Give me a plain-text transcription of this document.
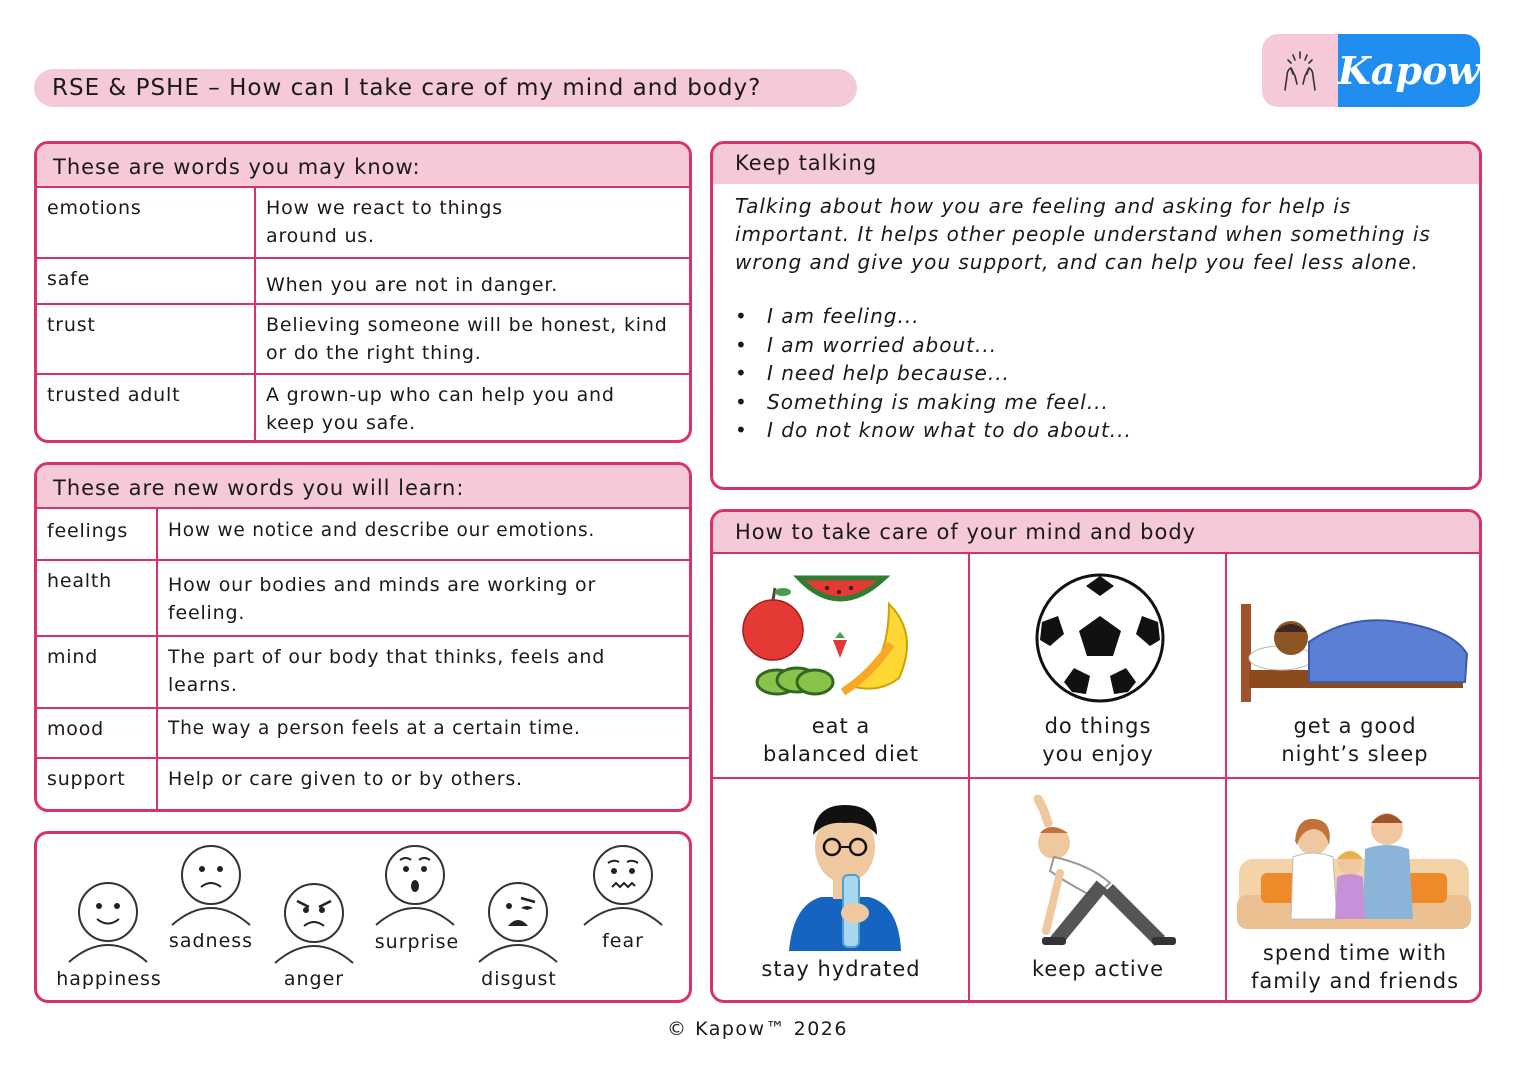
RSE & PSHE – How can I take care of my mind and body?	Kapow
These are words you may know:
emotions	How we react to things around us.
safe	When you are not in danger.
trust	Believing someone will be honest, kind or do the right thing.
trusted adult	A grown-up who can help you and keep you safe.
These are new words you will learn:
feelings	How we notice and describe our emotions.
health	How our bodies and minds are working or feeling.
mind	The part of our body that thinks, feels and learns.
mood	The way a person feels at a certain time.
support	Help or care given to or by others.
happiness
sadness
anger
surprise
disgust
fear
Keep talking

Talking about how you are feeling and asking for help is important. It helps other people understand when something is wrong and give you support, and can help you feel less alone.

• I am feeling...
• I am worried about...
• I need help because...
• Something is making me feel...
• I do not know what to do about...
How to take care of your mind and body
eat a
balanced diet
do things
you enjoy
get a good
night’s sleep
stay hydrated	keep active
spend time with
family and friends
© Kapow™ 2026
